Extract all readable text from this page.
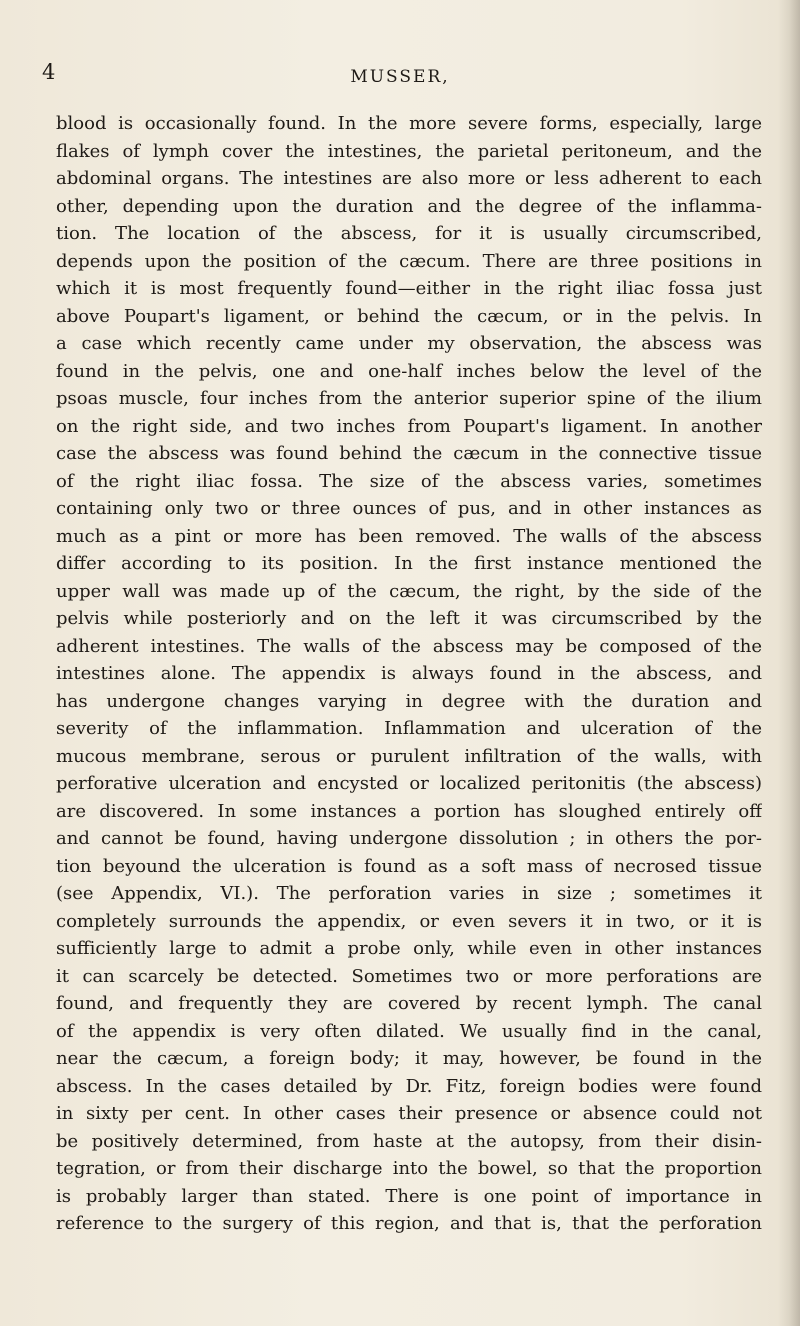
4	MUSSER,
blood is occasionally found. In the more severe forms, especially, large
flakes of lymph cover the intestines, the parietal peritoneum, and the
abdominal organs. The intestines are also more or less adherent to each
other, depending upon the duration and the degree of the inflamma-
tion. The location of the abscess, for it is usually circumscribed,
depends upon the position of the cæcum. There are three positions in
which it is most frequently found—either in the right iliac fossa just
above Poupart's ligament, or behind the cæcum, or in the pelvis. In
a case which recently came under my observation, the abscess was
found in the pelvis, one and one-half inches below the level of the
psoas muscle, four inches from the anterior superior spine of the ilium
on the right side, and two inches from Poupart's ligament. In another
case the abscess was found behind the cæcum in the connective tissue
of the right iliac fossa. The size of the abscess varies, sometimes
containing only two or three ounces of pus, and in other instances as
much as a pint or more has been removed. The walls of the abscess
differ according to its position. In the first instance mentioned the
upper wall was made up of the cæcum, the right, by the side of the
pelvis while posteriorly and on the left it was circumscribed by the
adherent intestines. The walls of the abscess may be composed of the
intestines alone. The appendix is always found in the abscess, and
has undergone changes varying in degree with the duration and
severity of the inflammation. Inflammation and ulceration of the
mucous membrane, serous or purulent infiltration of the walls, with
perforative ulceration and encysted or localized peritonitis (the abscess)
are discovered. In some instances a portion has sloughed entirely off
and cannot be found, having undergone dissolution ; in others the por-
tion beyound the ulceration is found as a soft mass of necrosed tissue
(see Appendix, VI.). The perforation varies in size ; sometimes it
completely surrounds the appendix, or even severs it in two, or it is
sufficiently large to admit a probe only, while even in other instances
it can scarcely be detected. Sometimes two or more perforations are
found, and frequently they are covered by recent lymph. The canal
of the appendix is very often dilated. We usually find in the canal,
near the cæcum, a foreign body; it may, however, be found in the
abscess. In the cases detailed by Dr. Fitz, foreign bodies were found
in sixty per cent. In other cases their presence or absence could not
be positively determined, from haste at the autopsy, from their disin-
tegration, or from their discharge into the bowel, so that the proportion
is probably larger than stated. There is one point of importance in
reference to the surgery of this region, and that is, that the perforation
